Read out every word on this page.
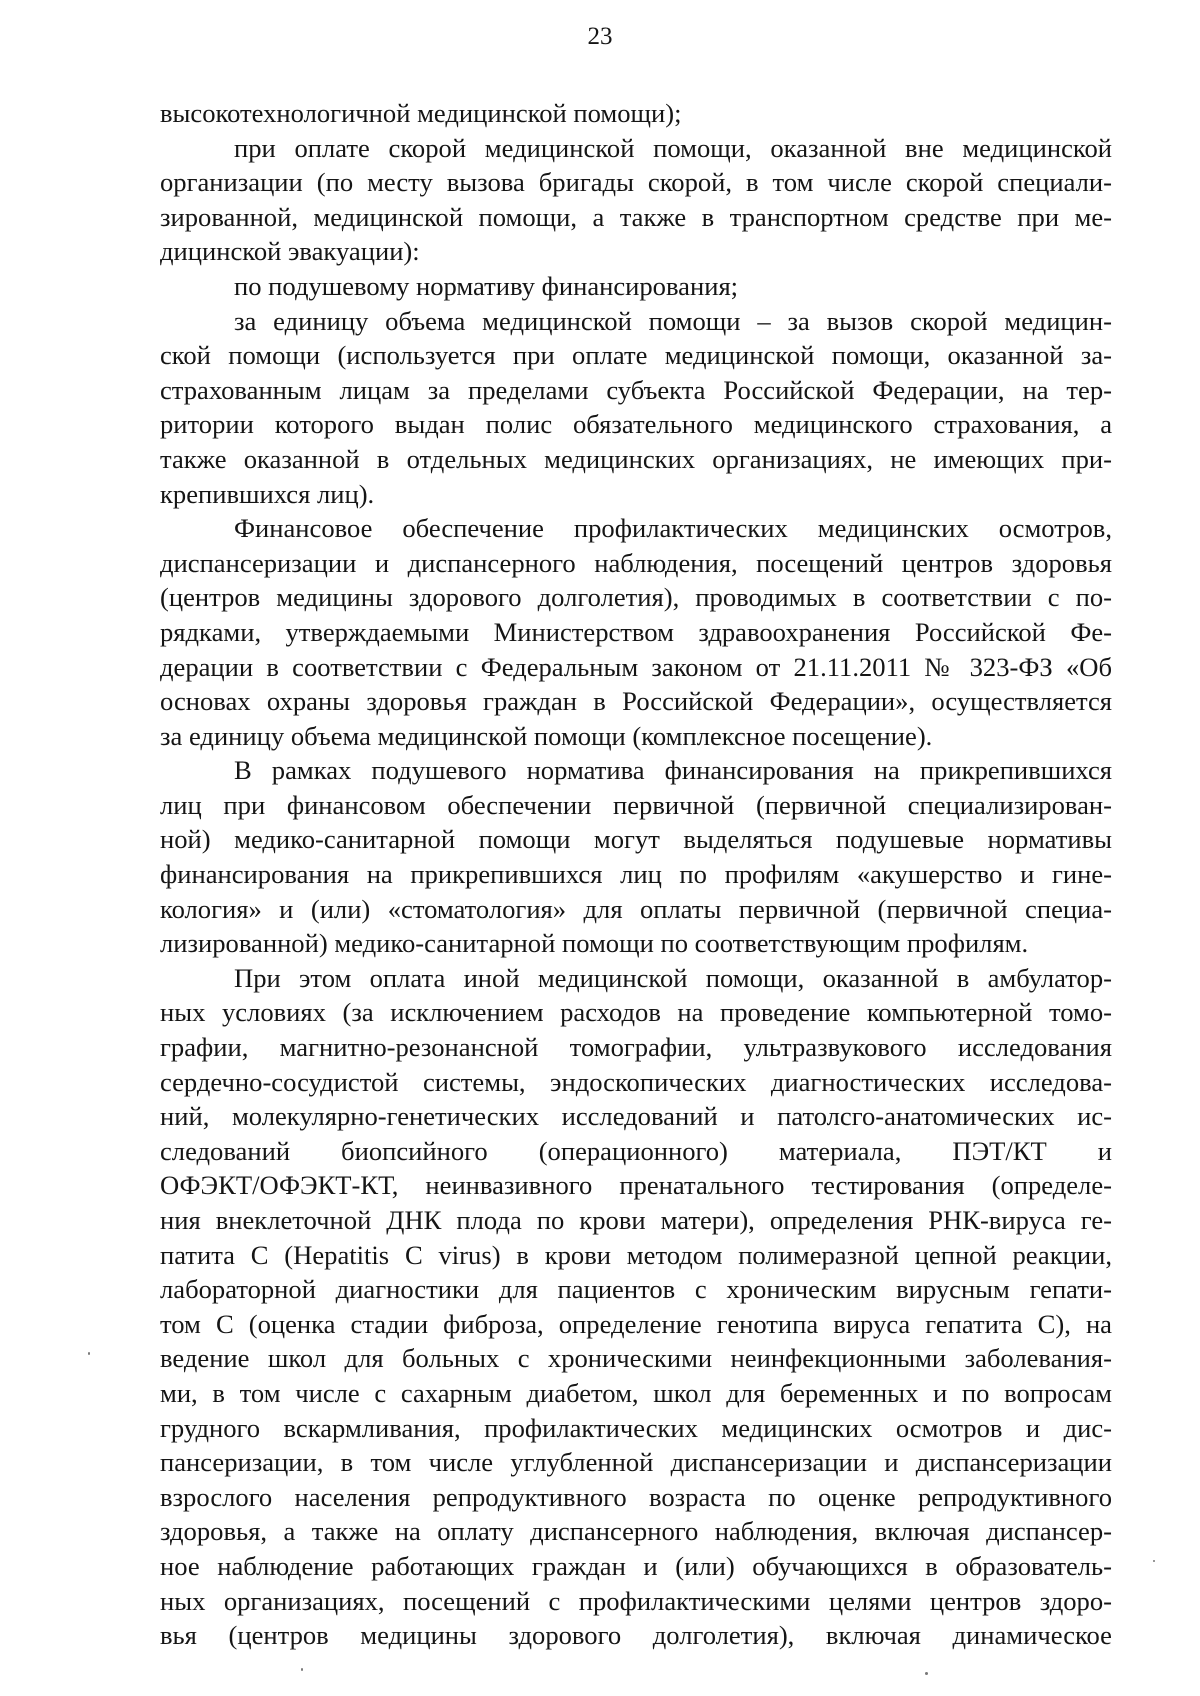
23
высокотехнологичной медицинской помощи);
при оплате скорой медицинской помощи, оказанной вне медицинской
организации (по месту вызова бригады скорой, в том числе скорой специали-
зированной, медицинской помощи, а также в транспортном средстве при ме-
дицинской эвакуации):
по подушевому нормативу финансирования;
за единицу объема медицинской помощи – за вызов скорой медицин-
ской помощи (используется при оплате медицинской помощи, оказанной за-
страхованным лицам за пределами субъекта Российской Федерации, на тер-
ритории которого выдан полис обязательного медицинского страхования, а
также оказанной в отдельных медицинских организациях, не имеющих при-
крепившихся лиц).
Финансовое обеспечение профилактических медицинских осмотров,
диспансеризации и диспансерного наблюдения, посещений центров здоровья
(центров медицины здорового долголетия), проводимых в соответствии с по-
рядками, утверждаемыми Министерством здравоохранения Российской Фе-
дерации в соответствии с Федеральным законом от 21.11.2011 № 323-ФЗ «Об
основах охраны здоровья граждан в Российской Федерации», осуществляется
за единицу объема медицинской помощи (комплексное посещение).
В рамках подушевого норматива финансирования на прикрепившихся
лиц при финансовом обеспечении первичной (первичной специализирован-
ной) медико-санитарной помощи могут выделяться подушевые нормативы
финансирования на прикрепившихся лиц по профилям «акушерство и гине-
кология» и (или) «стоматология» для оплаты первичной (первичной специа-
лизированной) медико-санитарной помощи по соответствующим профилям.
При этом оплата иной медицинской помощи, оказанной в амбулатор-
ных условиях (за исключением расходов на проведение компьютерной томо-
графии, магнитно-резонансной томографии, ультразвукового исследования
сердечно-сосудистой системы, эндоскопических диагностических исследова-
ний, молекулярно-генетических исследований и патолсго-анатомических ис-
следований биопсийного (операционного) материала, ПЭТ/КТ и
ОФЭКТ/ОФЭКТ-КТ, неинвазивного пренатального тестирования (определе-
ния внеклеточной ДНК плода по крови матери), определения РНК-вируса ге-
патита С (Hepatitis C virus) в крови методом полимеразной цепной реакции,
лабораторной диагностики для пациентов с хроническим вирусным гепати-
том С (оценка стадии фиброза, определение генотипа вируса гепатита С), на
ведение школ для больных с хроническими неинфекционными заболевания-
ми, в том числе с сахарным диабетом, школ для беременных и по вопросам
грудного вскармливания, профилактических медицинских осмотров и дис-
пансеризации, в том числе углубленной диспансеризации и диспансеризации
взрослого населения репродуктивного возраста по оценке репродуктивного
здоровья, а также на оплату диспансерного наблюдения, включая диспансер-
ное наблюдение работающих граждан и (или) обучающихся в образователь-
ных организациях, посещений с профилактическими целями центров здоро-
вья (центров медицины здорового долголетия), включая динамическое
